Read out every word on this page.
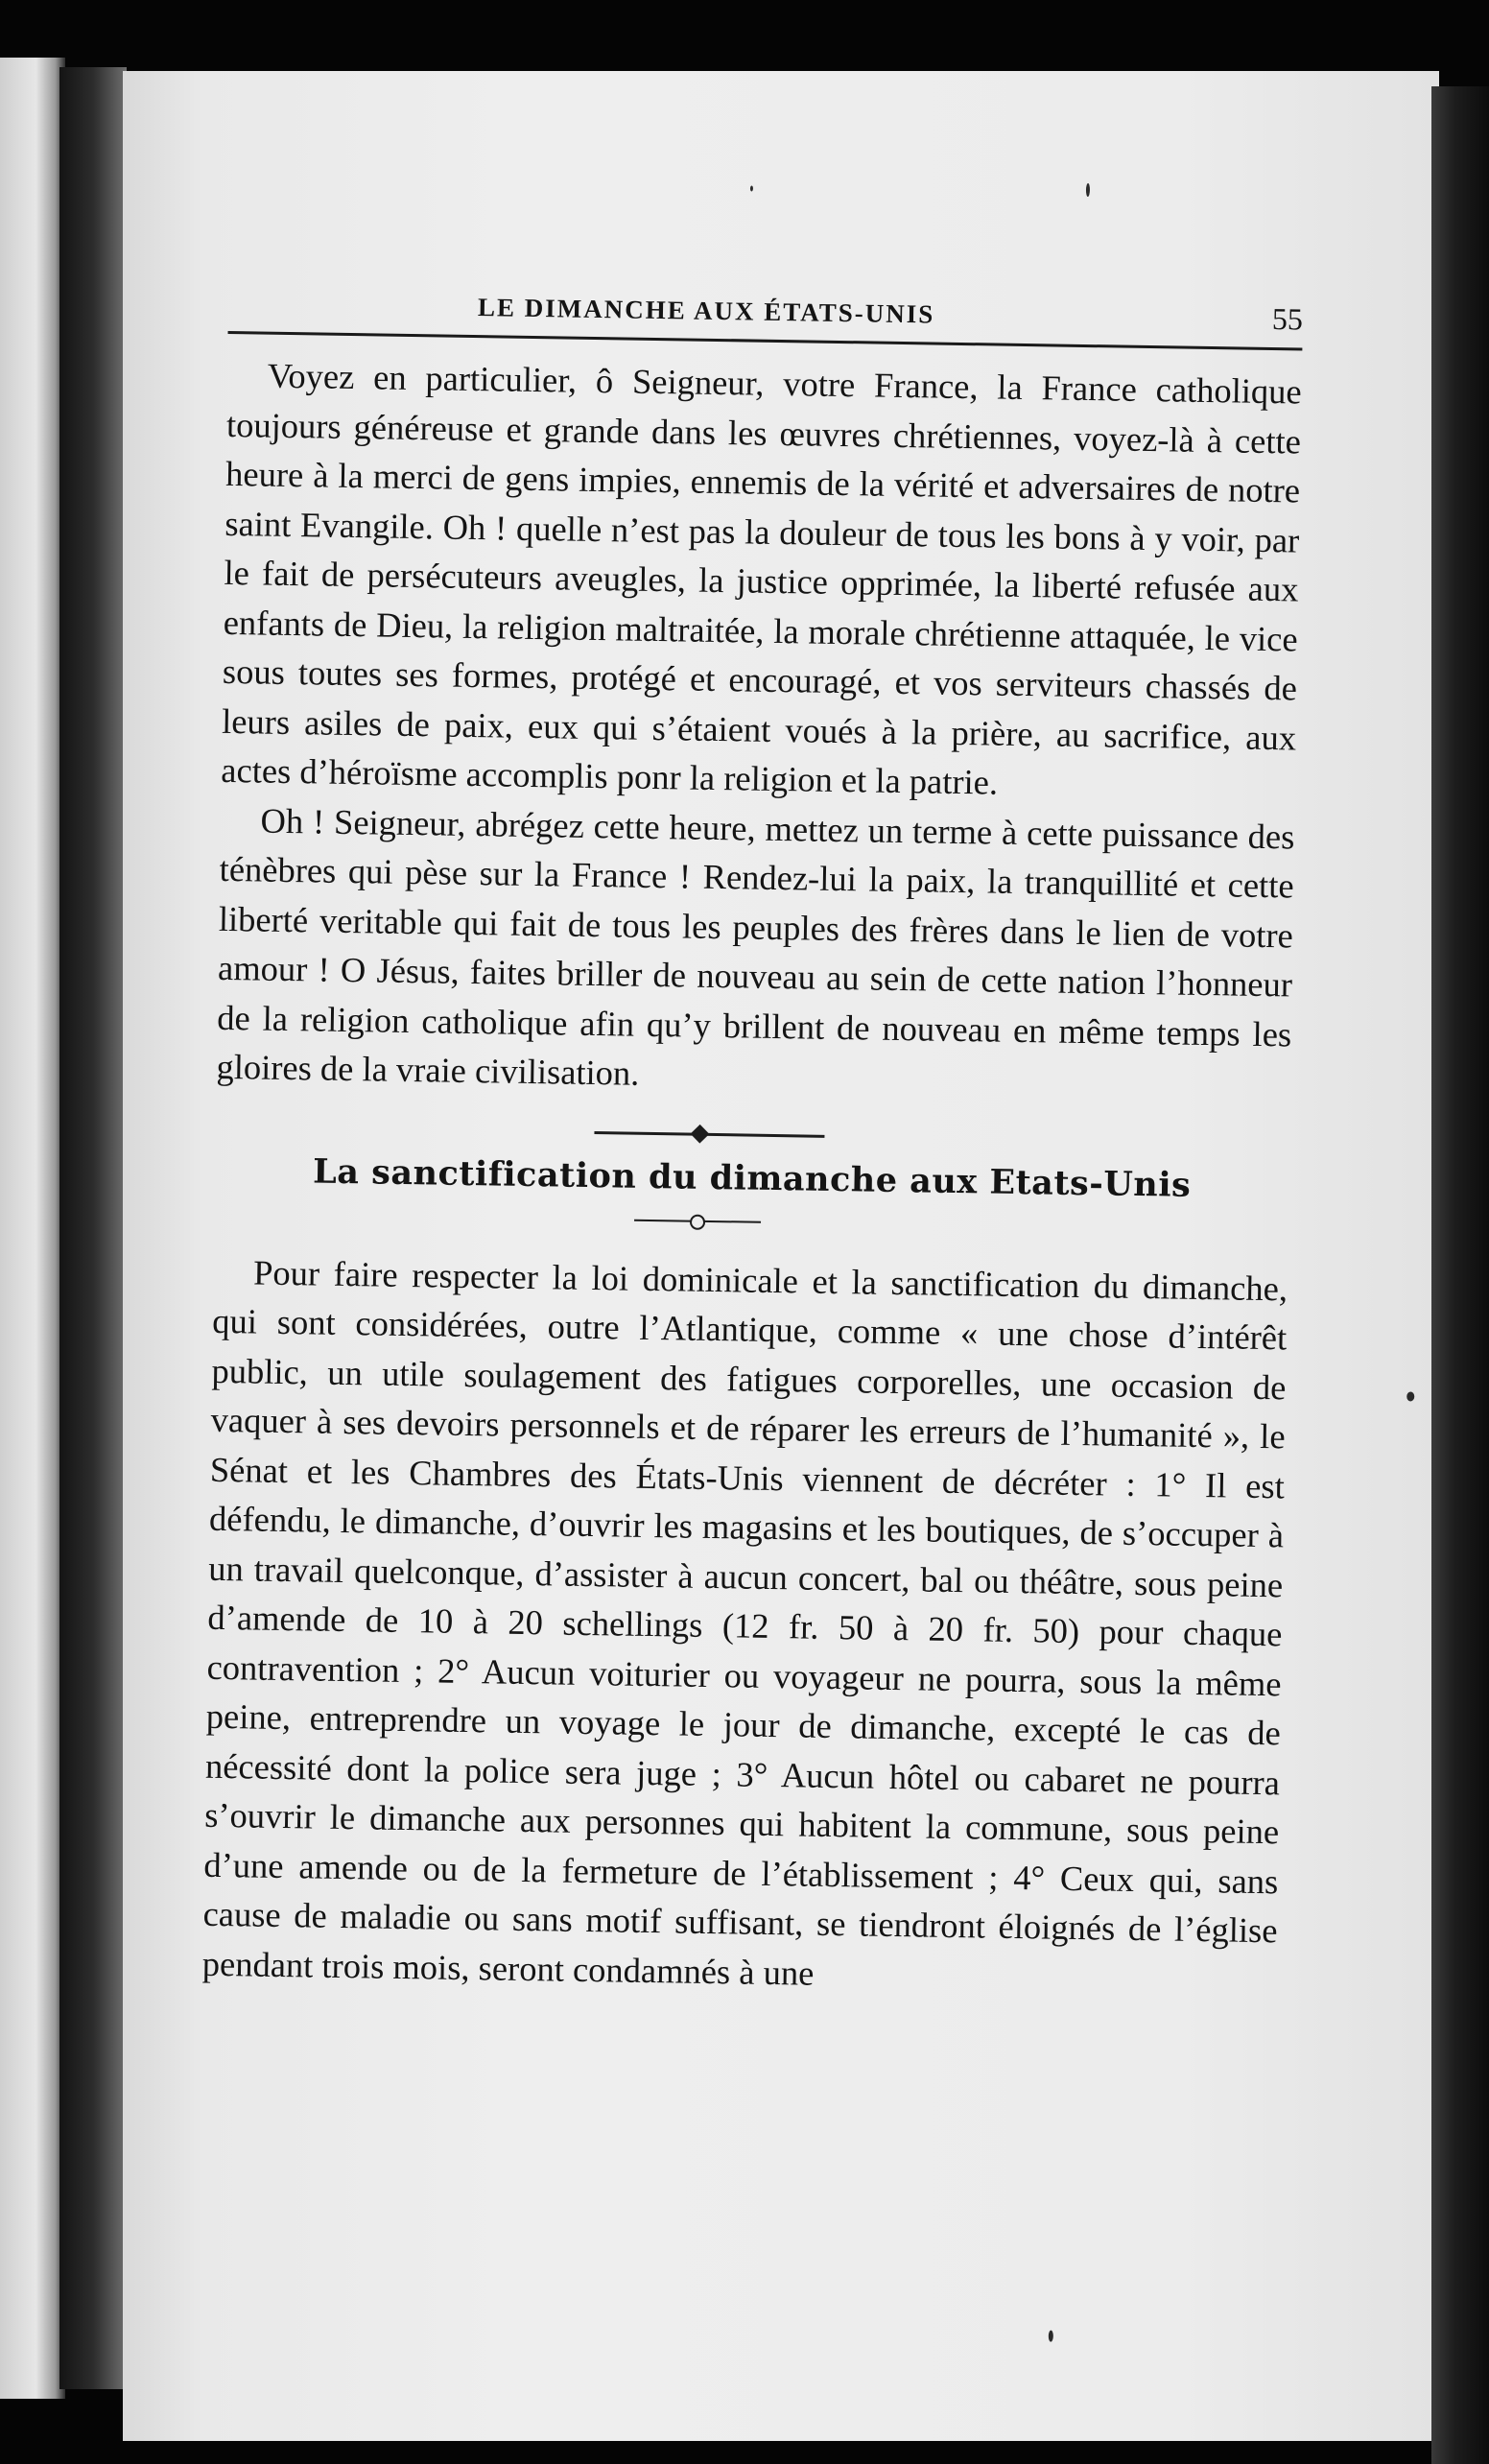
LE DIMANCHE AUX ÉTATS-UNIS	55

Voyez en particulier, ô Seigneur, votre France, la France catholique toujours généreuse et grande dans les œuvres chrétiennes, voyez-là à cette heure à la merci de gens impies, ennemis de la vérité et adversaires de notre saint Evangile. Oh ! quelle n’est pas la douleur de tous les bons à y voir, par le fait de persécuteurs aveugles, la justice opprimée, la liberté refusée aux enfants de Dieu, la religion maltraitée, la morale chrétienne attaquée, le vice sous toutes ses formes, protégé et encouragé, et vos serviteurs chassés de leurs asiles de paix, eux qui s’étaient voués à la prière, au sacrifice, aux actes d’héroïsme accomplis ponr la religion et la patrie.

Oh ! Seigneur, abrégez cette heure, mettez un terme à cette puissance des ténèbres qui pèse sur la France ! Rendez-lui la paix, la tranquillité et cette liberté veritable qui fait de tous les peuples des frères dans le lien de votre amour ! O Jésus, faites briller de nouveau au sein de cette nation l’honneur de la religion catholique afin qu’y brillent de nouveau en même temps les gloires de la vraie civilisation.

La sanctification du dimanche aux Etats-Unis

Pour faire respecter la loi dominicale et la sanctification du dimanche, qui sont considérées, outre l’Atlantique, comme « une chose d’intérêt public, un utile soulagement des fatigues corporelles, une occasion de vaquer à ses devoirs personnels et de réparer les erreurs de l’humanité », le Sénat et les Chambres des États-Unis viennent de décréter : 1° Il est défendu, le dimanche, d’ouvrir les magasins et les boutiques, de s’occuper à un travail quelconque, d’assister à aucun concert, bal ou théâtre, sous peine d’amende de 10 à 20 schellings (12 fr. 50 à 20 fr. 50) pour chaque contravention ; 2° Aucun voiturier ou voyageur ne pourra, sous la même peine, entreprendre un voyage le jour de dimanche, excepté le cas de nécessité dont la police sera juge ; 3° Aucun hôtel ou cabaret ne pourra s’ouvrir le dimanche aux personnes qui habitent la commune, sous peine d’une amende ou de la fermeture de l’établissement ; 4° Ceux qui, sans cause de maladie ou sans motif suffisant, se tiendront éloignés de l’église pendant trois mois, seront condamnés à une
